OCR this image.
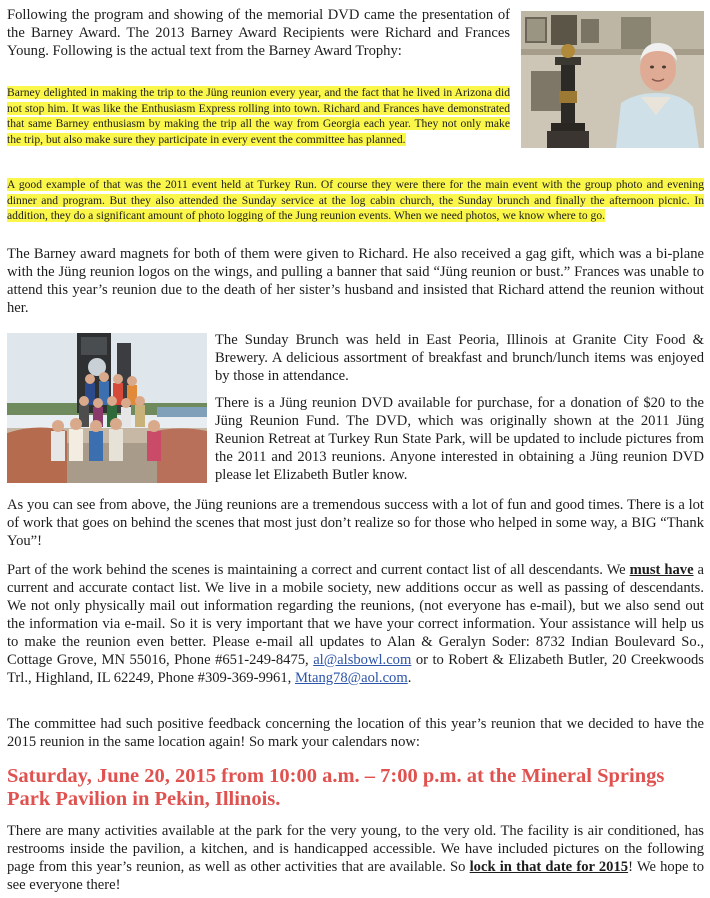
Following the program and showing of the memorial DVD came the presentation of the Barney Award. The 2013 Barney Award Recipients were Richard and Frances Young. Following is the actual text from the Barney Award Trophy:

Barney delighted in making the trip to the Jüng reunion every year, and the fact that he lived in Arizona did not stop him. It was like the Enthusiasm Express rolling into town. Richard and Frances have demonstrated that same Barney enthusiasm by making the trip all the way from Georgia each year. They not only make the trip, but also make sure they participate in every event the committee has planned.

A good example of that was the 2011 event held at Turkey Run. Of course they were there for the main event with the group photo and evening dinner and program. But they also attended the Sunday service at the log cabin church, the Sunday brunch and finally the afternoon picnic. In addition, they do a significant amount of photo logging of the Jung reunion events. When we need photos, we know where to go.

The Barney award magnets for both of them were given to Richard. He also received a gag gift, which was a bi-plane with the Jüng reunion logos on the wings, and pulling a banner that said “Jüng reunion or bust.” Frances was unable to attend this year’s reunion due to the death of her sister’s husband and insisted that Richard attend the reunion without her.

The Sunday Brunch was held in East Peoria, Illinois at Granite City Food & Brewery. A delicious assortment of breakfast and brunch/lunch items was enjoyed by those in attendance.

There is a Jüng reunion DVD available for purchase, for a donation of $20 to the Jüng Reunion Fund. The DVD, which was originally shown at the 2011 Jüng Reunion Retreat at Turkey Run State Park, will be updated to include pictures from the 2011 and 2013 reunions. Anyone interested in obtaining a Jüng reunion DVD please let Elizabeth Butler know.

As you can see from above, the Jüng reunions are a tremendous success with a lot of fun and good times. There is a lot of work that goes on behind the scenes that most just don’t realize so for those who helped in some way, a BIG “Thank You”!

Part of the work behind the scenes is maintaining a correct and current contact list of all descendants. We must have a current and accurate contact list. We live in a mobile society, new additions occur as well as passing of descendants. We not only physically mail out information regarding the reunions, (not everyone has e-mail), but we also send out the information via e-mail. So it is very important that we have your correct information. Your assistance will help us to make the reunion even better. Please e-mail all updates to Alan & Geralyn Soder: 8732 Indian Boulevard So., Cottage Grove, MN 55016, Phone #651-249-8475, al@alsbowl.com or to Robert & Elizabeth Butler, 20 Creekwoods Trl., Highland, IL 62249, Phone #309-369-9961, Mtang78@aol.com.

The committee had such positive feedback concerning the location of this year’s reunion that we decided to have the 2015 reunion in the same location again! So mark your calendars now:

Saturday, June 20, 2015 from 10:00 a.m. – 7:00 p.m. at the Mineral Springs Park Pavilion in Pekin, Illinois.

There are many activities available at the park for the very young, to the very old. The facility is air conditioned, has restrooms inside the pavilion, a kitchen, and is handicapped accessible. We have included pictures on the following page from this year’s reunion, as well as other activities that are available. So lock in that date for 2015! We hope to see everyone there!
